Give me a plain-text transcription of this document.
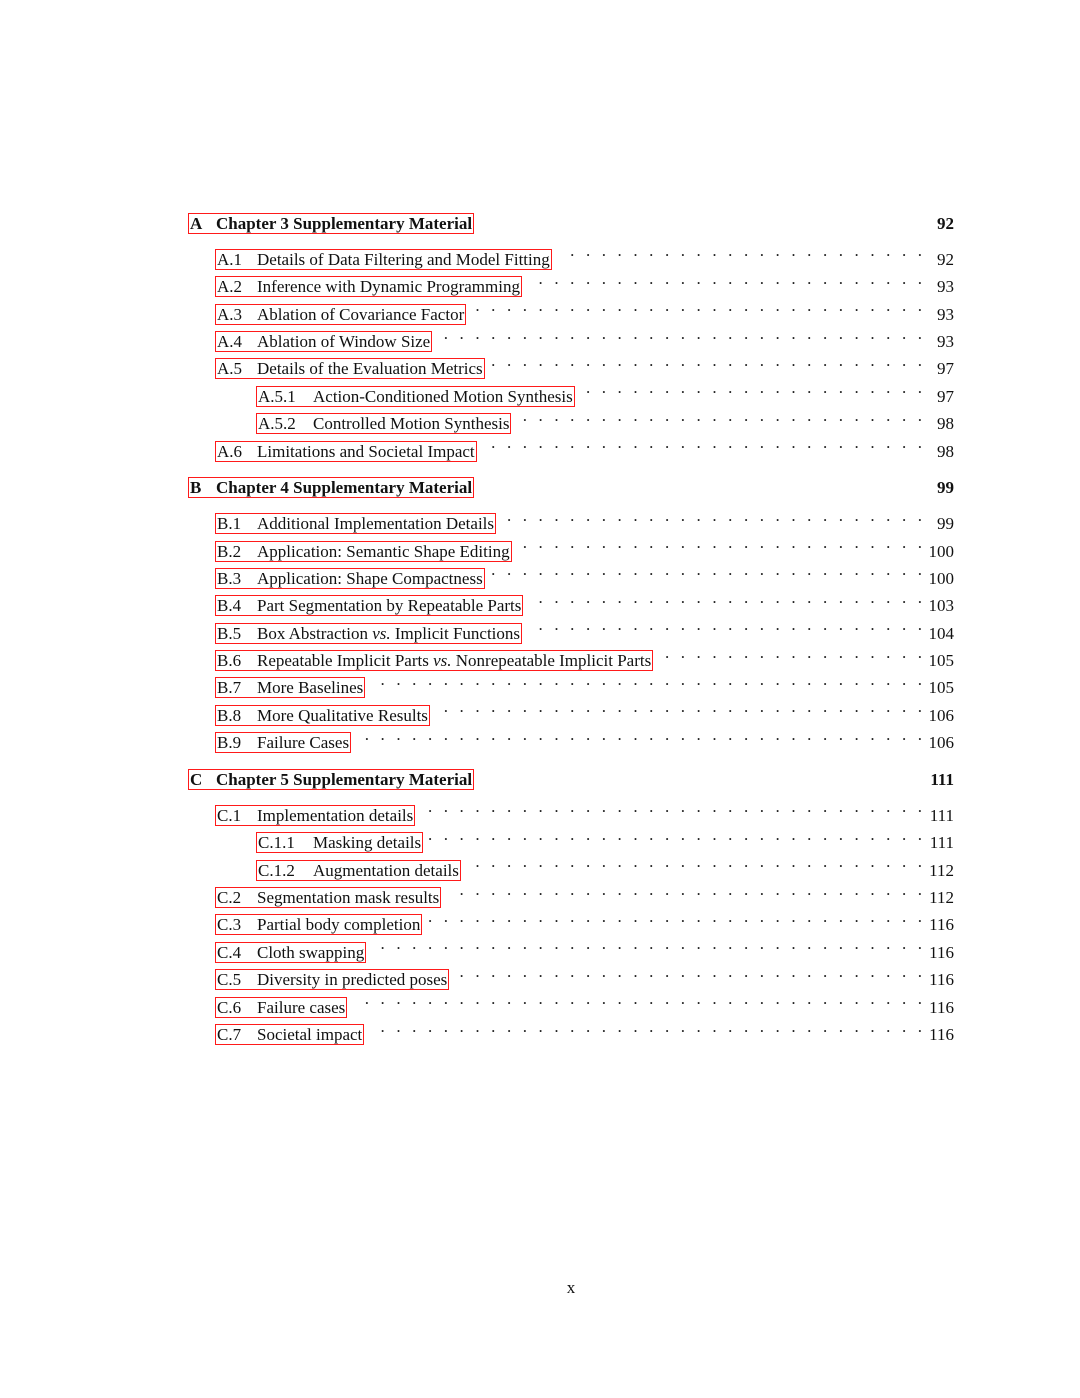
A Chapter 3 Supplementary Material	92
A.1 Details of Data Filtering and Model Fitting . . .	92
A.2 Inference with Dynamic Programming . . .	93
A.3 Ablation of Covariance Factor . . .	93
A.4 Ablation of Window Size . . .	93
A.5 Details of the Evaluation Metrics . . .	97
A.5.1	Action-Conditioned Motion Synthesis . . .	97
A.5.2	Controlled Motion Synthesis . . .	98
A.6 Limitations and Societal Impact . . .	98
B Chapter 4 Supplementary Material	99
B.1 Additional Implementation Details . . .	99
B.2 Application: Semantic Shape Editing . . .	100
B.3 Application: Shape Compactness . . .	100
B.4 Part Segmentation by Repeatable Parts . . .	103
B.5 Box Abstraction vs. Implicit Functions . . .	104
B.6 Repeatable Implicit Parts vs. Nonrepeatable Implicit Parts . . .	105
B.7 More Baselines . . .	105
B.8 More Qualitative Results . . .	106
B.9 Failure Cases . . .	106
C Chapter 5 Supplementary Material	111
C.1 Implementation details . . .	111
C.1.1	Masking details . . .	111
C.1.2	Augmentation details . . .	112
C.2 Segmentation mask results . . .	112
C.3 Partial body completion . . .	116
C.4 Cloth swapping . . .	116
C.5 Diversity in predicted poses . . .	116
C.6 Failure cases . . .	116
C.7 Societal impact . . .	116
x
